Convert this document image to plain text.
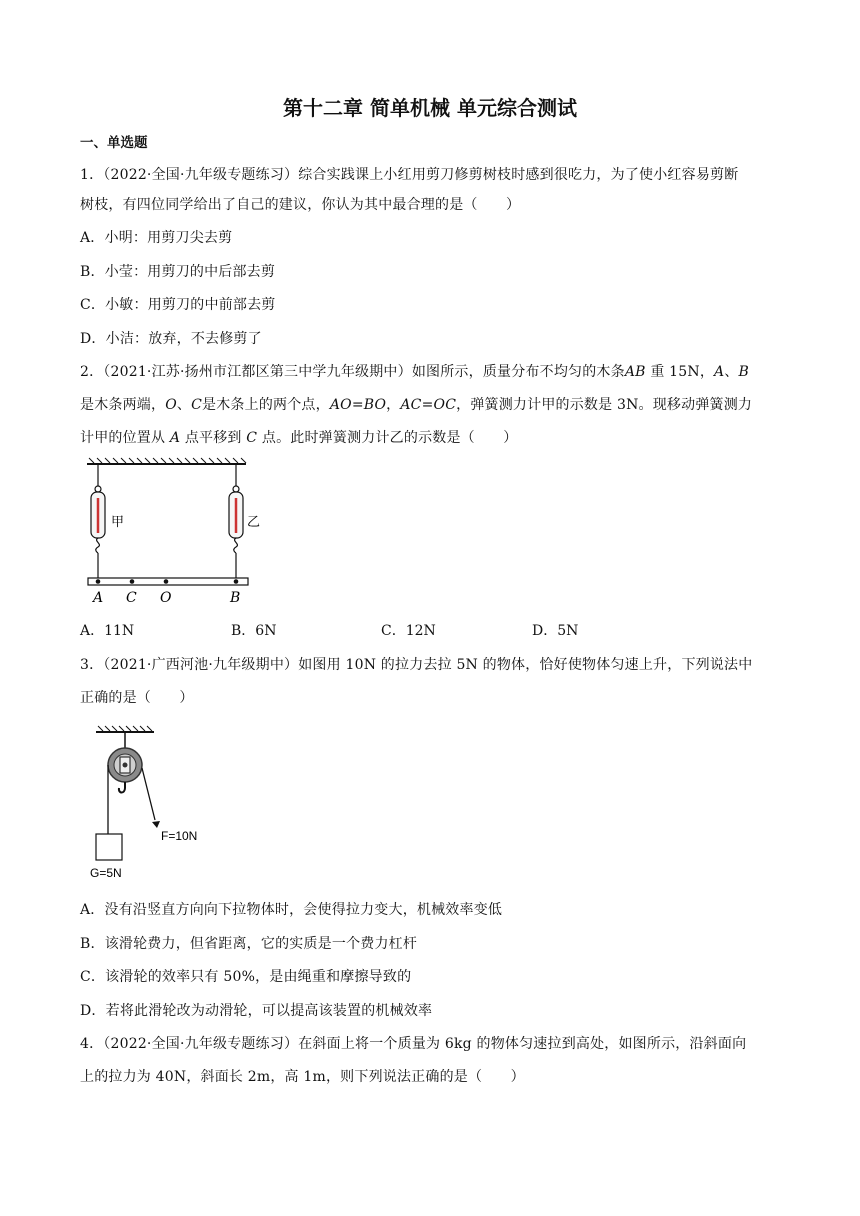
第十二章 简单机械 单元综合测试
一、单选题
1．（2022·全国·九年级专题练习）综合实践课上小红用剪刀修剪树枝时感到很吃力，为了使小红容易剪断
树枝，有四位同学给出了自己的建议，你认为其中最合理的是（　　）
A．小明：用剪刀尖去剪
B．小莹：用剪刀的中后部去剪
C．小敏：用剪刀的中前部去剪
D．小洁：放弃，不去修剪了
2．（2021·江苏·扬州市江都区第三中学九年级期中）如图所示，质量分布不均匀的木条AB 重 15N，A、B
是木条两端，O、C是木条上的两个点，AO=BO，AC=OC，弹簧测力计甲的示数是 3N。现移动弹簧测力
计甲的位置从 A 点平移到 C 点。此时弹簧测力计乙的示数是（　　）
甲	乙
A C O	B
A．11N	B．6N	C．12N	D．5N
3．（2021·广西河池·九年级期中）如图用 10N 的拉力去拉 5N 的物体，恰好使物体匀速上升，下列说法中
正确的是（　　）
F=10N
G=5N
A．没有沿竖直方向向下拉物体时，会使得拉力变大，机械效率变低
B．该滑轮费力，但省距离，它的实质是一个费力杠杆
C．该滑轮的效率只有 50%，是由绳重和摩擦导致的
D．若将此滑轮改为动滑轮，可以提高该装置的机械效率
4．（2022·全国·九年级专题练习）在斜面上将一个质量为 6kg 的物体匀速拉到高处，如图所示，沿斜面向
上的拉力为 40N，斜面长 2m，高 1m，则下列说法正确的是（　　）
